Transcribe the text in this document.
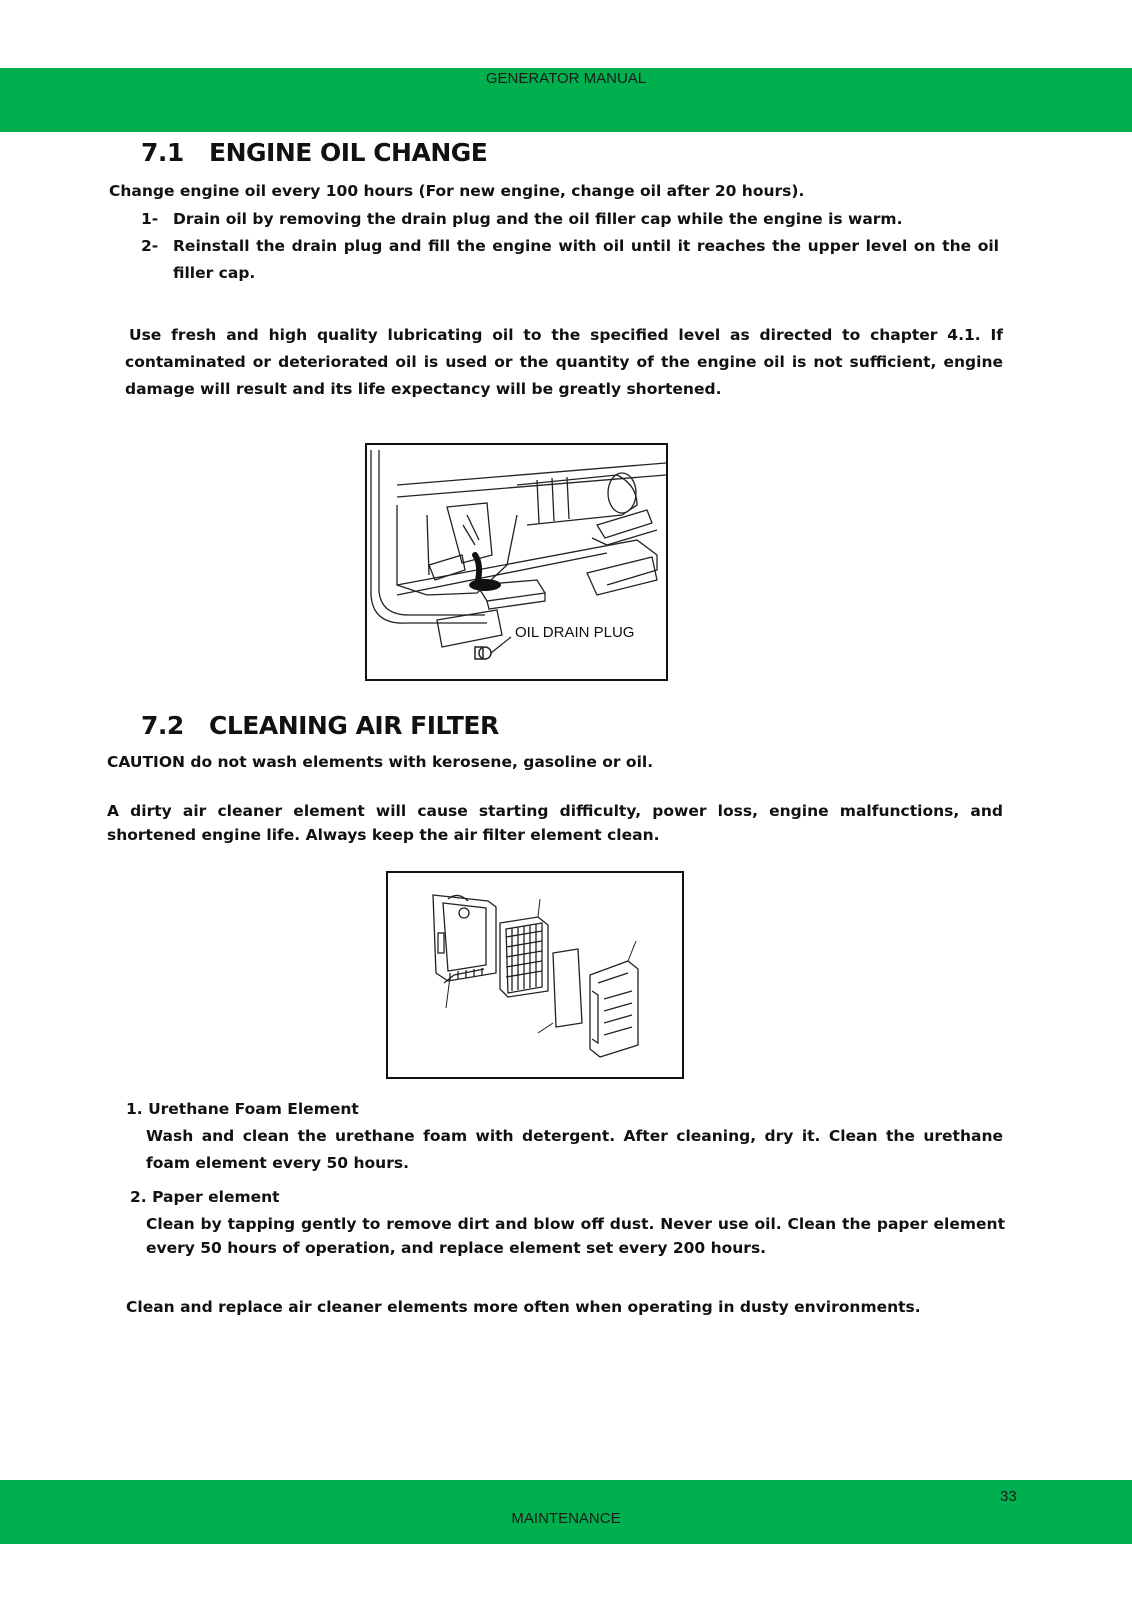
GENERATOR MANUAL
7.1 ENGINE OIL CHANGE

Change engine oil every 100 hours (For new engine, change oil after 20 hours).

1- Drain oil by removing the drain plug and the oil filler cap while the engine is warm.

2- Reinstall the drain plug and fill the engine with oil until it reaches the upper level on the oil filler cap.

Use fresh and high quality lubricating oil to the specified level as directed to chapter 4.1. If contaminated or deteriorated oil is used or the quantity of the engine oil is not sufficient, engine damage will result and its life expectancy will be greatly shortened.

OIL DRAIN PLUG
7.2 CLEANING AIR FILTER

CAUTION do not wash elements with kerosene, gasoline or oil.

A dirty air cleaner element will cause starting difficulty, power loss, engine malfunctions, and shortened engine life. Always keep the air filter element clean.

1. Urethane Foam Element

Wash and clean the urethane foam with detergent. After cleaning, dry it. Clean the urethane foam element every 50 hours.

2. Paper element

Clean by tapping gently to remove dirt and blow off dust. Never use oil. Clean the paper element every 50 hours of operation, and replace element set every 200 hours.

Clean and replace air cleaner elements more often when operating in dusty environments.

33
MAINTENANCE
